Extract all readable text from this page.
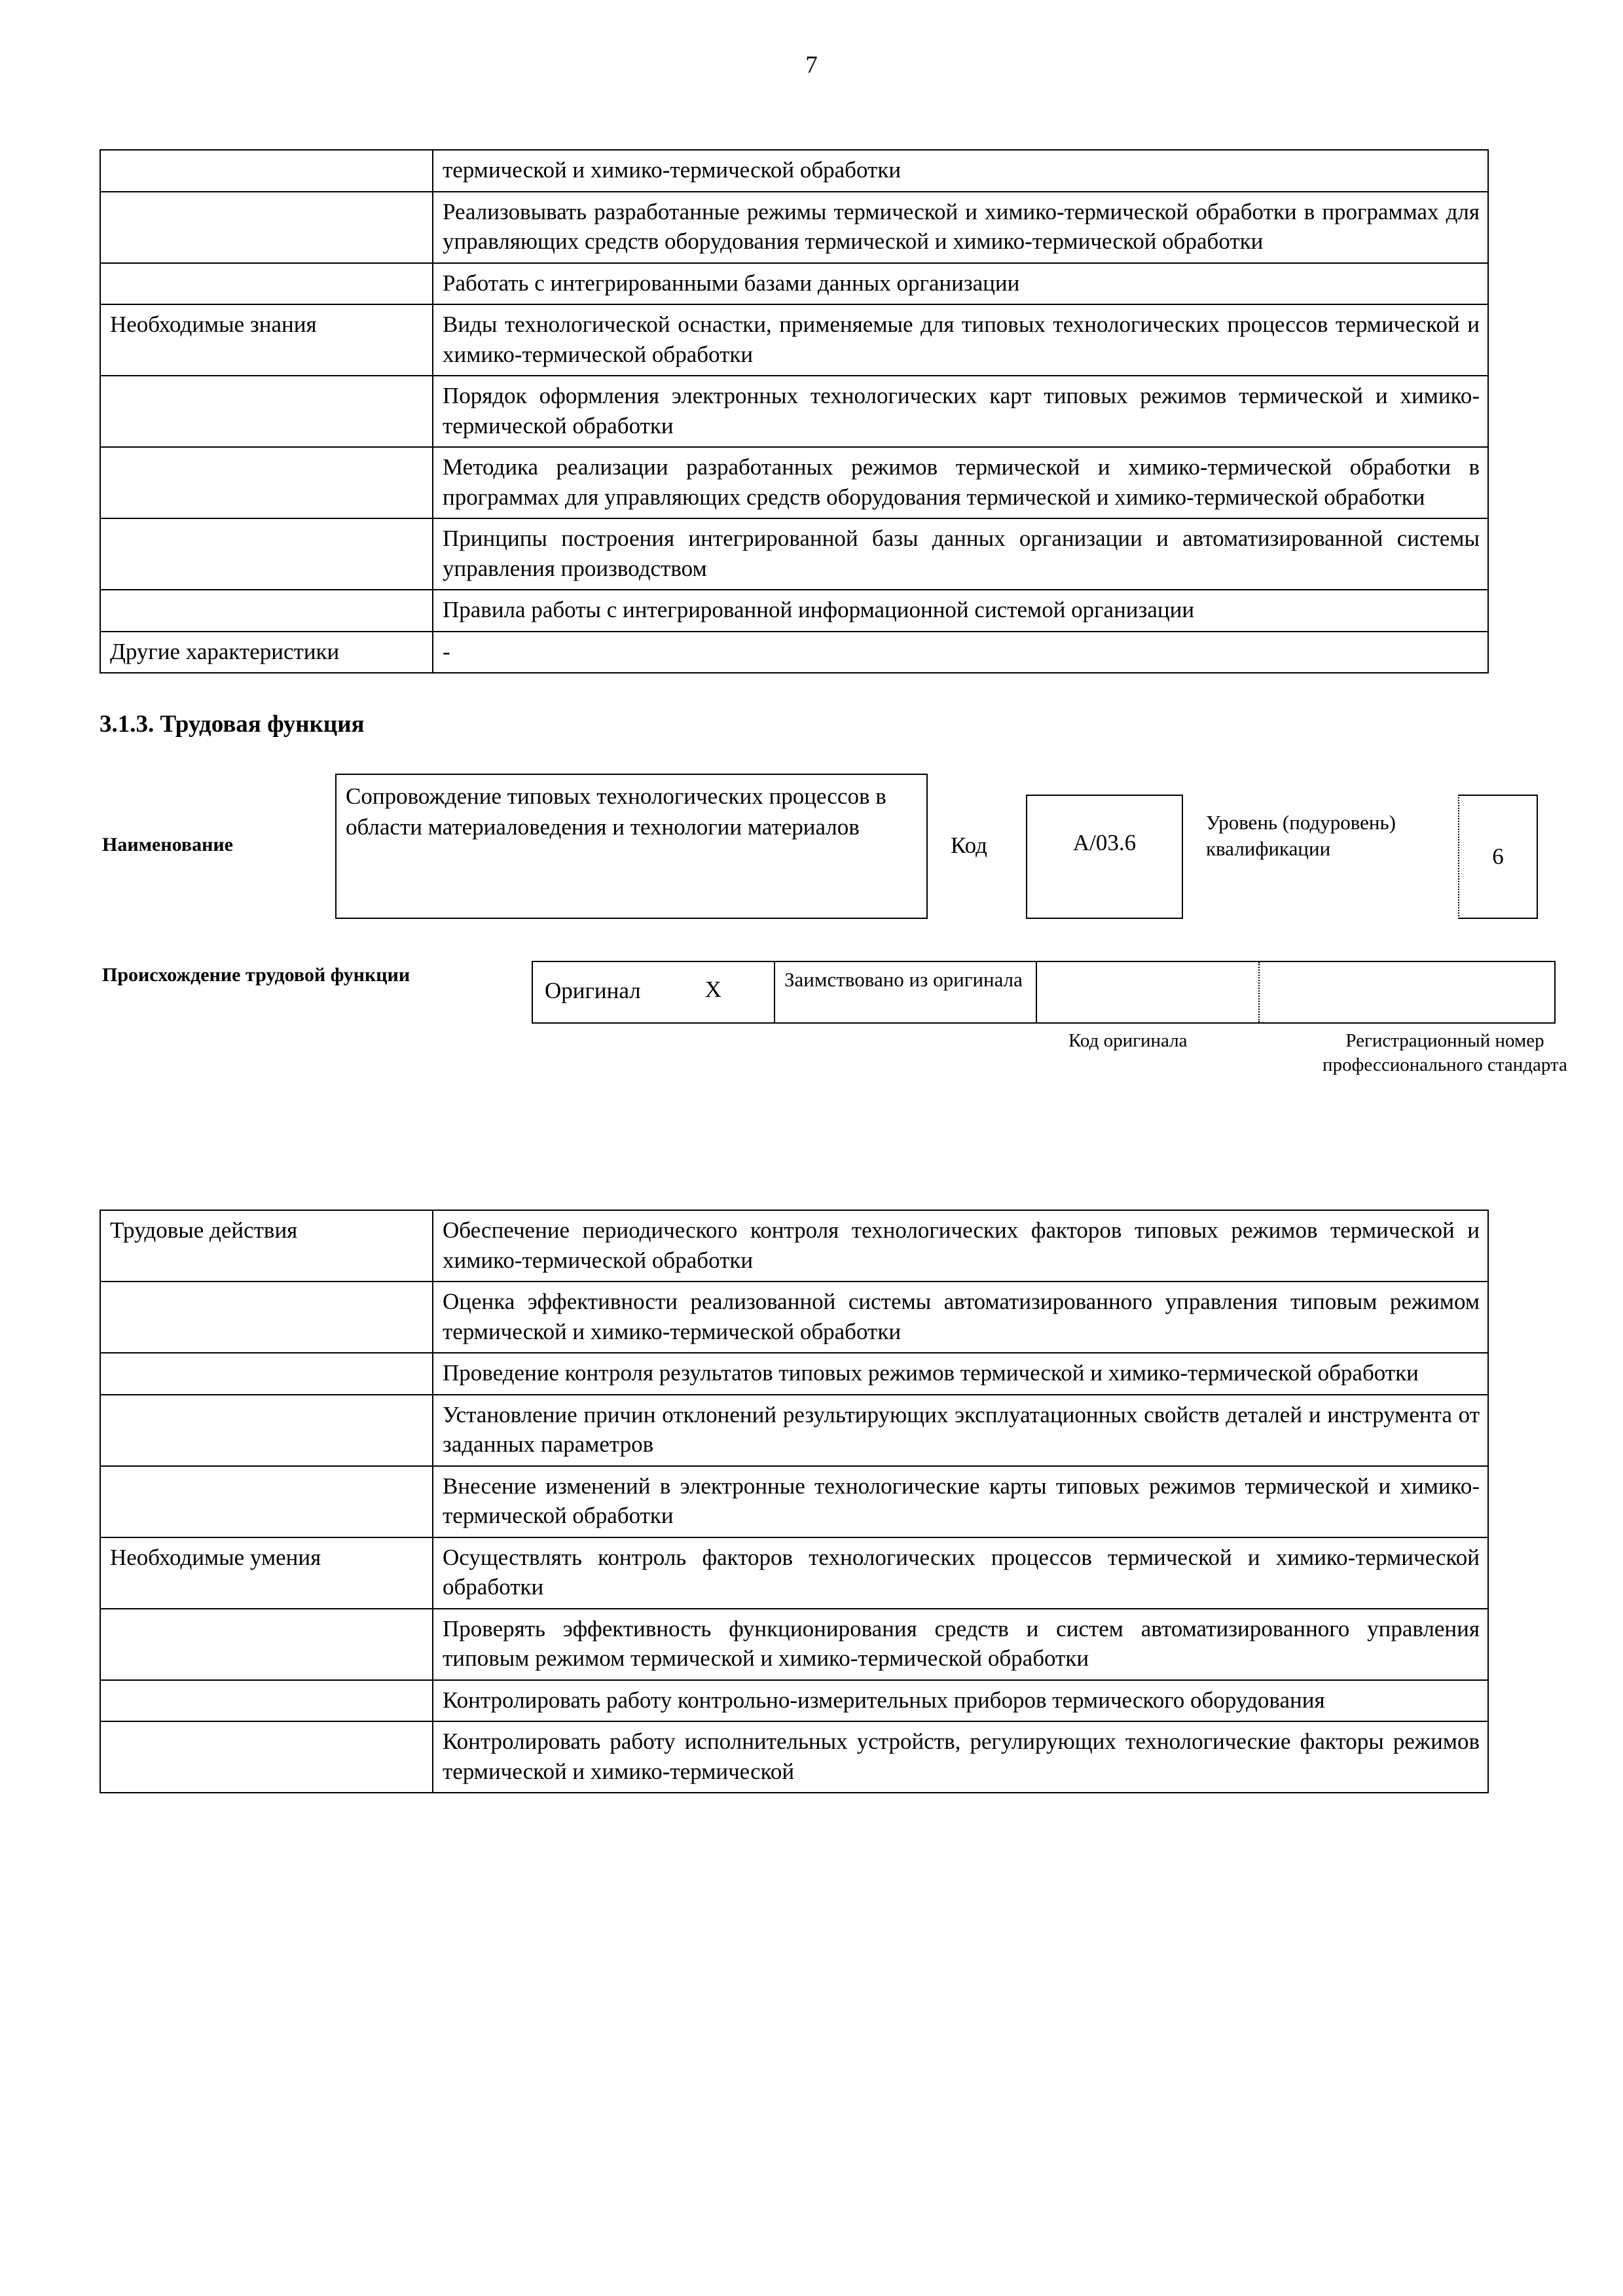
7
	термической и химико-термической обработки
	Реализовывать разработанные режимы термической и химико-термической обработки в программах для управляющих средств оборудования термической и химико-термической обработки
	Работать с интегрированными базами данных организации
Необходимые знания	Виды технологической оснастки, применяемые для типовых технологических процессов термической и химико-термической обработки
	Порядок оформления электронных технологических карт типовых режимов термической и химико-термической обработки
	Методика реализации разработанных режимов термической и химико-термической обработки в программах для управляющих средств оборудования термической и химико-термической обработки
	Принципы построения интегрированной базы данных организации и автоматизированной системы управления производством
	Правила работы с интегрированной информационной системой организации
Другие характеристики	-
3.1.3. Трудовая функция
Наименование
Сопровождение типовых технологических процессов в области материаловедения и технологии материалов
Код	А/03.6
Уровень (подуровень) квалификации	6
Происхождение трудовой функции
Оригинал	X	Заимствовано из оригинала
Код оригинала	Регистрационный номер профессионального стандарта
Трудовые действия	Обеспечение периодического контроля технологических факторов типовых режимов термической и химико-термической обработки
	Оценка эффективности реализованной системы автоматизированного управления типовым режимом термической и химико-термической обработки
	Проведение контроля результатов типовых режимов термической и химико-термической обработки
	Установление причин отклонений результирующих эксплуатационных свойств деталей и инструмента от заданных параметров
	Внесение изменений в электронные технологические карты типовых режимов термической и химико-термической обработки
Необходимые умения	Осуществлять контроль факторов технологических процессов термической и химико-термической обработки
	Проверять эффективность функционирования средств и систем автоматизированного управления типовым режимом термической и химико-термической обработки
	Контролировать работу контрольно-измерительных приборов термического оборудования
	Контролировать работу исполнительных устройств, регулирующих технологические факторы режимов термической и химико-термической
